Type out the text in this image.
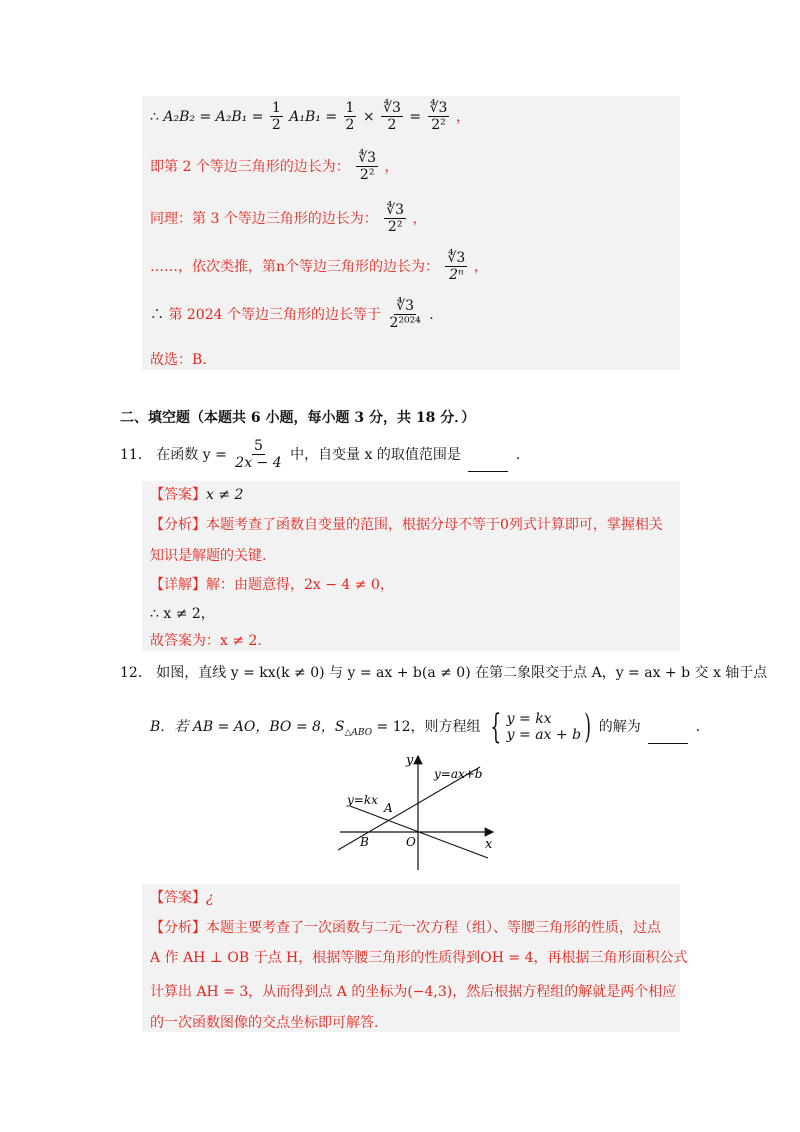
∴ $A_2B_2 = A_2B_1 = \frac{1}{2} A_1B_1 = \frac{1}{2} \times \frac{∜3}{2} = \frac{∜3}{\text{2²}}$ ，
即第 2 个等边三角形的边长为： $\frac{∜3}{\text{2²}}$ ，
同理：第 3 个等边三角形的边长为： $\frac{∜3}{\text{2²}}$ ，
……，依次类推，第n个等边三角形的边长为： $\frac{∜3}{\text{2ⁿ}}$ ，
∴ 第 2024 个等边三角形的边长等于 $\frac{∜3}{\text{2²⁰²⁴}}$ .
故选：B.
二、填空题（本题共 6 小题，每小题 3 分，共 18 分．）
11． 在函数 $y = \frac{5}{2x - 4}$ 中，自变量 x 的取值范围是	.
【答案】x ≠ 2
【分析】本题考查了函数自变量的范围，根据分母不等于0列式计算即可，掌握相关
知识是解题的关键.
【详解】解：由题意得，2x − 4 ≠ 0，
∴ x ≠ 2，
故答案为：x ≠ 2.
12． 如图，直线 y = kx(k ≠ 0) 与 y = ax + b(a ≠ 0) 在第二象限交于点 A，y = ax + b 交 x 轴于点
B．若 AB = AO，BO = 8，$S_{\triangle ABO} = 12$，则方程组 { y = kx
y = ax + b ) 的解为	.
y
x
y=ax+b
y=kx
A
B	O
【答案】¿
【分析】本题主要考查了一次函数与二元一次方程（组）、等腰三角形的性质，过点
A 作 AH ⊥ OB 于点 H，根据等腰三角形的性质得到OH = 4，再根据三角形面积公式
计算出 AH = 3，从而得到点 A 的坐标为(−4,3)，然后根据方程组的解就是两个相应
的一次函数图像的交点坐标即可解答.
